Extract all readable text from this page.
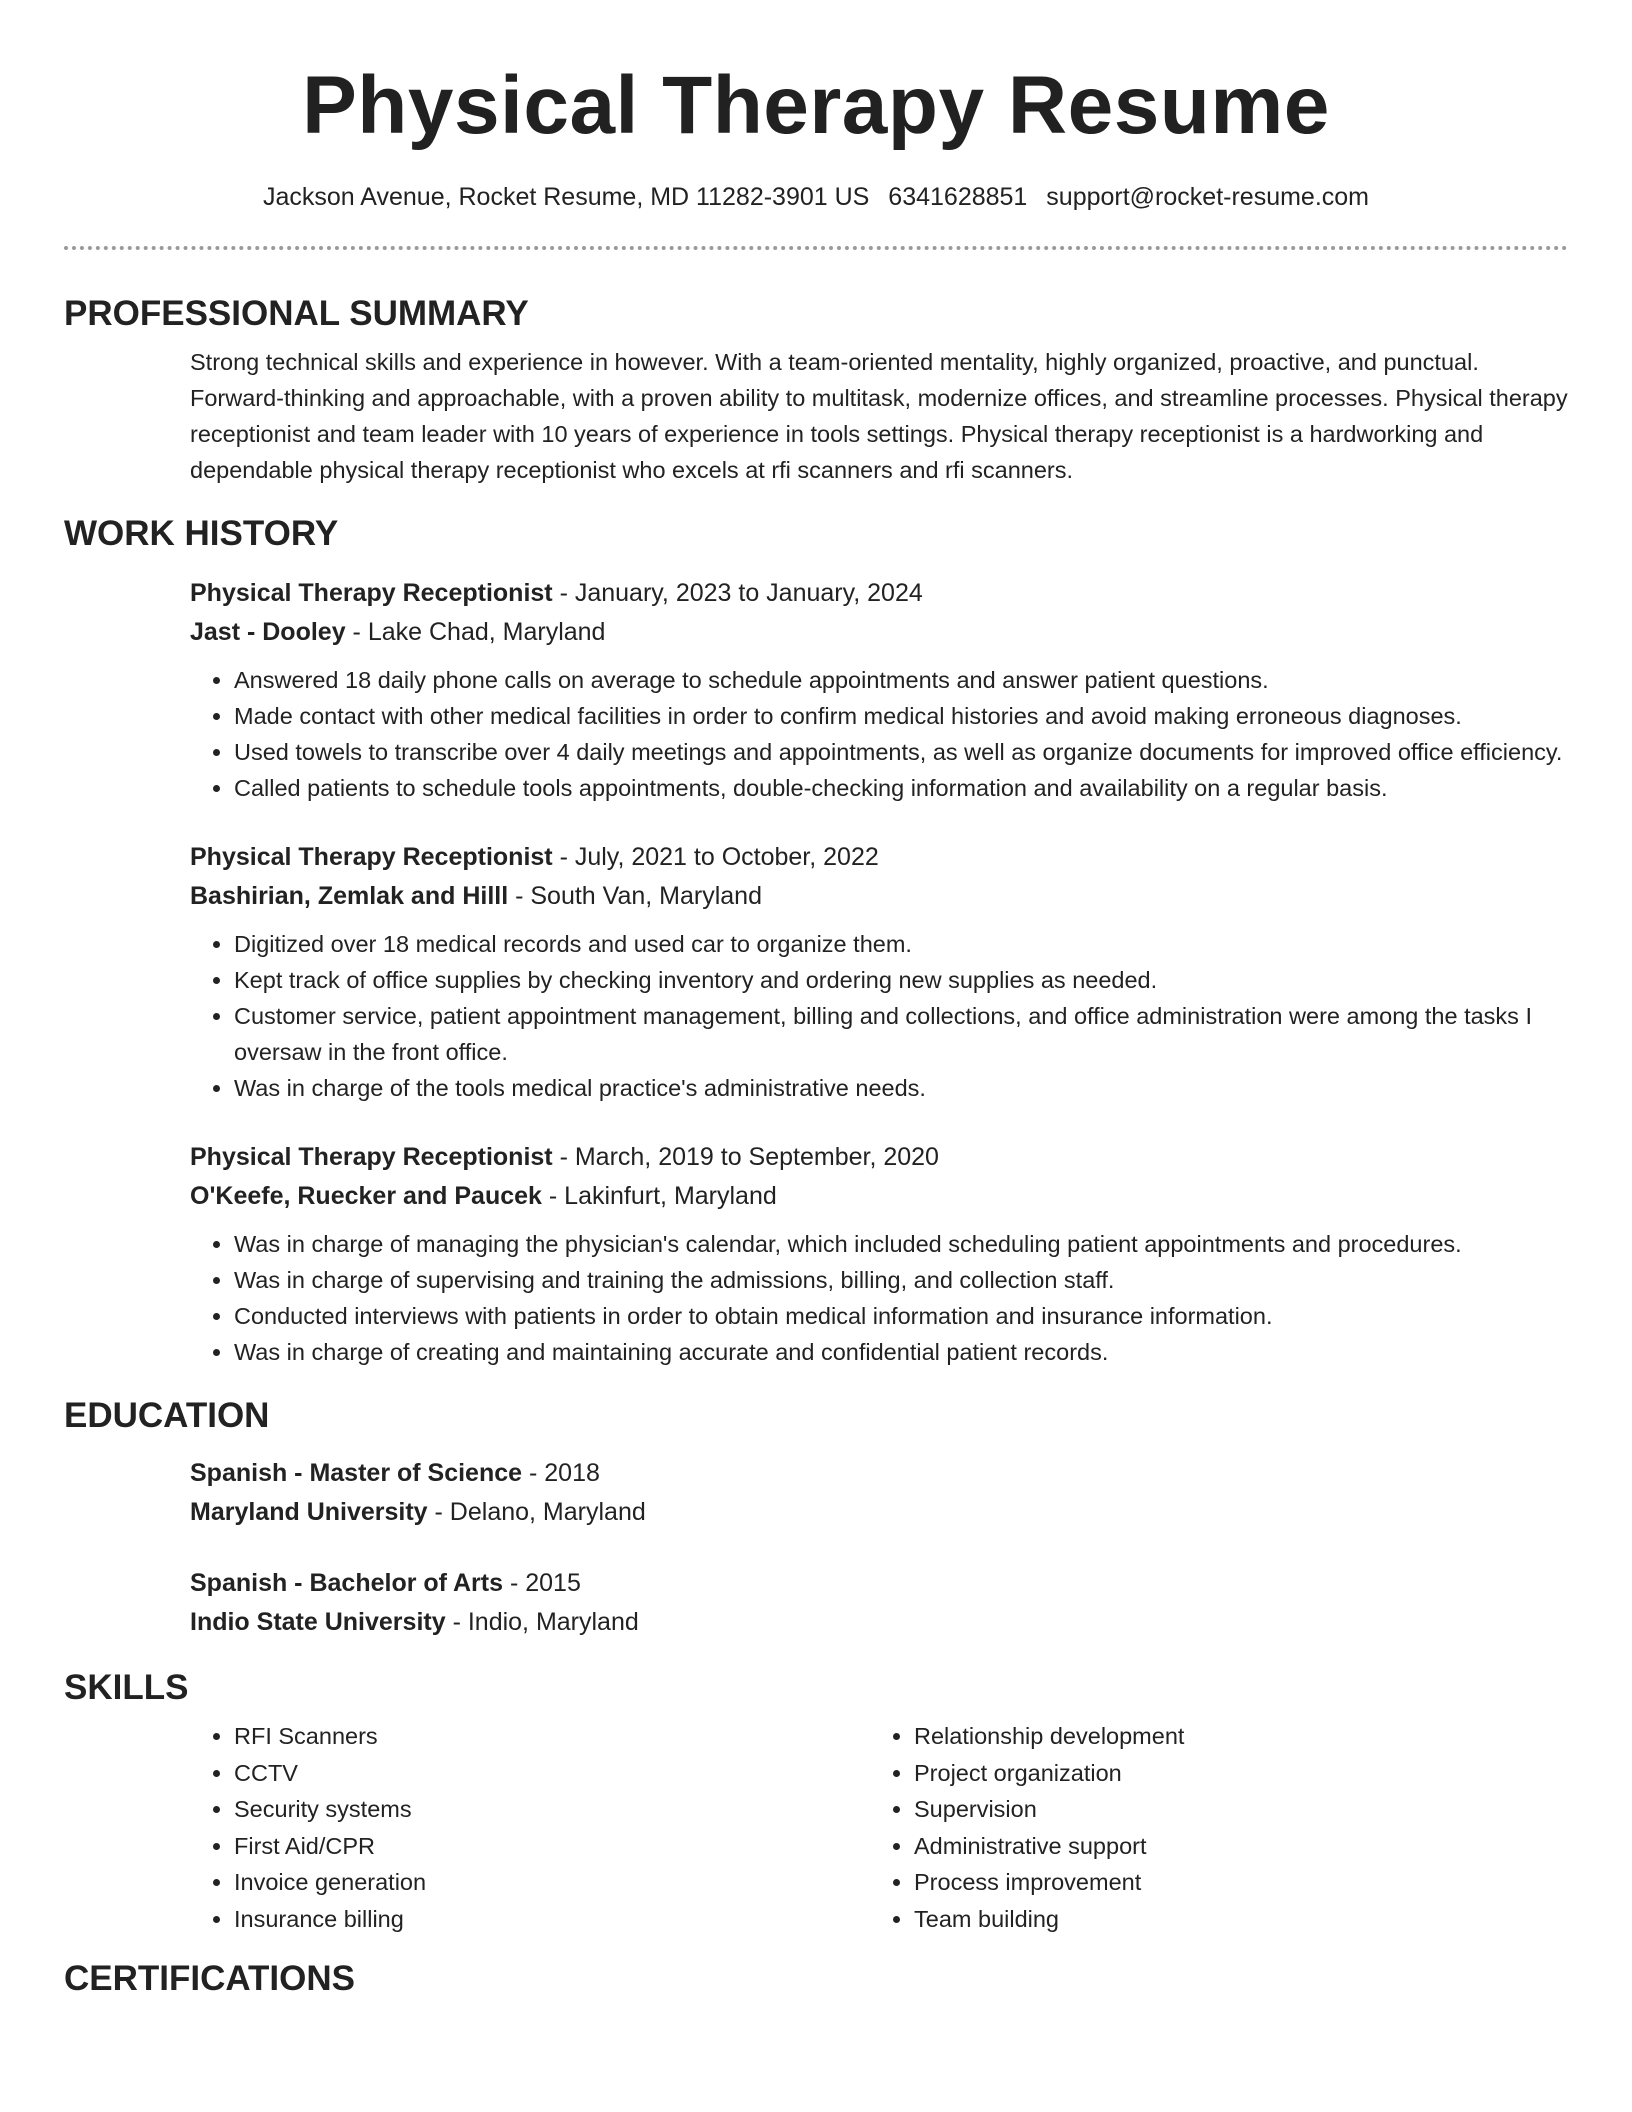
Physical Therapy Resume
Jackson Avenue, Rocket Resume, MD 11282-3901 US 6341628851 support@rocket-resume.com
PROFESSIONAL SUMMARY

Strong technical skills and experience in however. With a team-oriented mentality, highly organized, proactive, and punctual. Forward-thinking and approachable, with a proven ability to multitask, modernize offices, and streamline processes. Physical therapy receptionist and team leader with 10 years of experience in tools settings. Physical therapy receptionist is a hardworking and dependable physical therapy receptionist who excels at rfi scanners and rfi scanners.

WORK HISTORY
Physical Therapy Receptionist - January, 2023 to January, 2024
Jast - Dooley - Lake Chad, Maryland
• Answered 18 daily phone calls on average to schedule appointments and answer patient questions.
• Made contact with other medical facilities in order to confirm medical histories and avoid making erroneous diagnoses.
• Used towels to transcribe over 4 daily meetings and appointments, as well as organize documents for improved office efficiency.
• Called patients to schedule tools appointments, double-checking information and availability on a regular basis.
Physical Therapy Receptionist - July, 2021 to October, 2022
Bashirian, Zemlak and Hilll - South Van, Maryland
• Digitized over 18 medical records and used car to organize them.
• Kept track of office supplies by checking inventory and ordering new supplies as needed.
• Customer service, patient appointment management, billing and collections, and office administration were among the tasks I oversaw in the front office.
• Was in charge of the tools medical practice's administrative needs.
Physical Therapy Receptionist - March, 2019 to September, 2020
O'Keefe, Ruecker and Paucek - Lakinfurt, Maryland
• Was in charge of managing the physician's calendar, which included scheduling patient appointments and procedures.
• Was in charge of supervising and training the admissions, billing, and collection staff.
• Conducted interviews with patients in order to obtain medical information and insurance information.
• Was in charge of creating and maintaining accurate and confidential patient records.
EDUCATION
Spanish - Master of Science - 2018
Maryland University - Delano, Maryland
Spanish - Bachelor of Arts - 2015
Indio State University - Indio, Maryland
SKILLS
• RFI Scanners
• CCTV
• Security systems
• First Aid/CPR
• Invoice generation
• Insurance billing
• Relationship development
• Project organization
• Supervision
• Administrative support
• Process improvement
• Team building
CERTIFICATIONS
